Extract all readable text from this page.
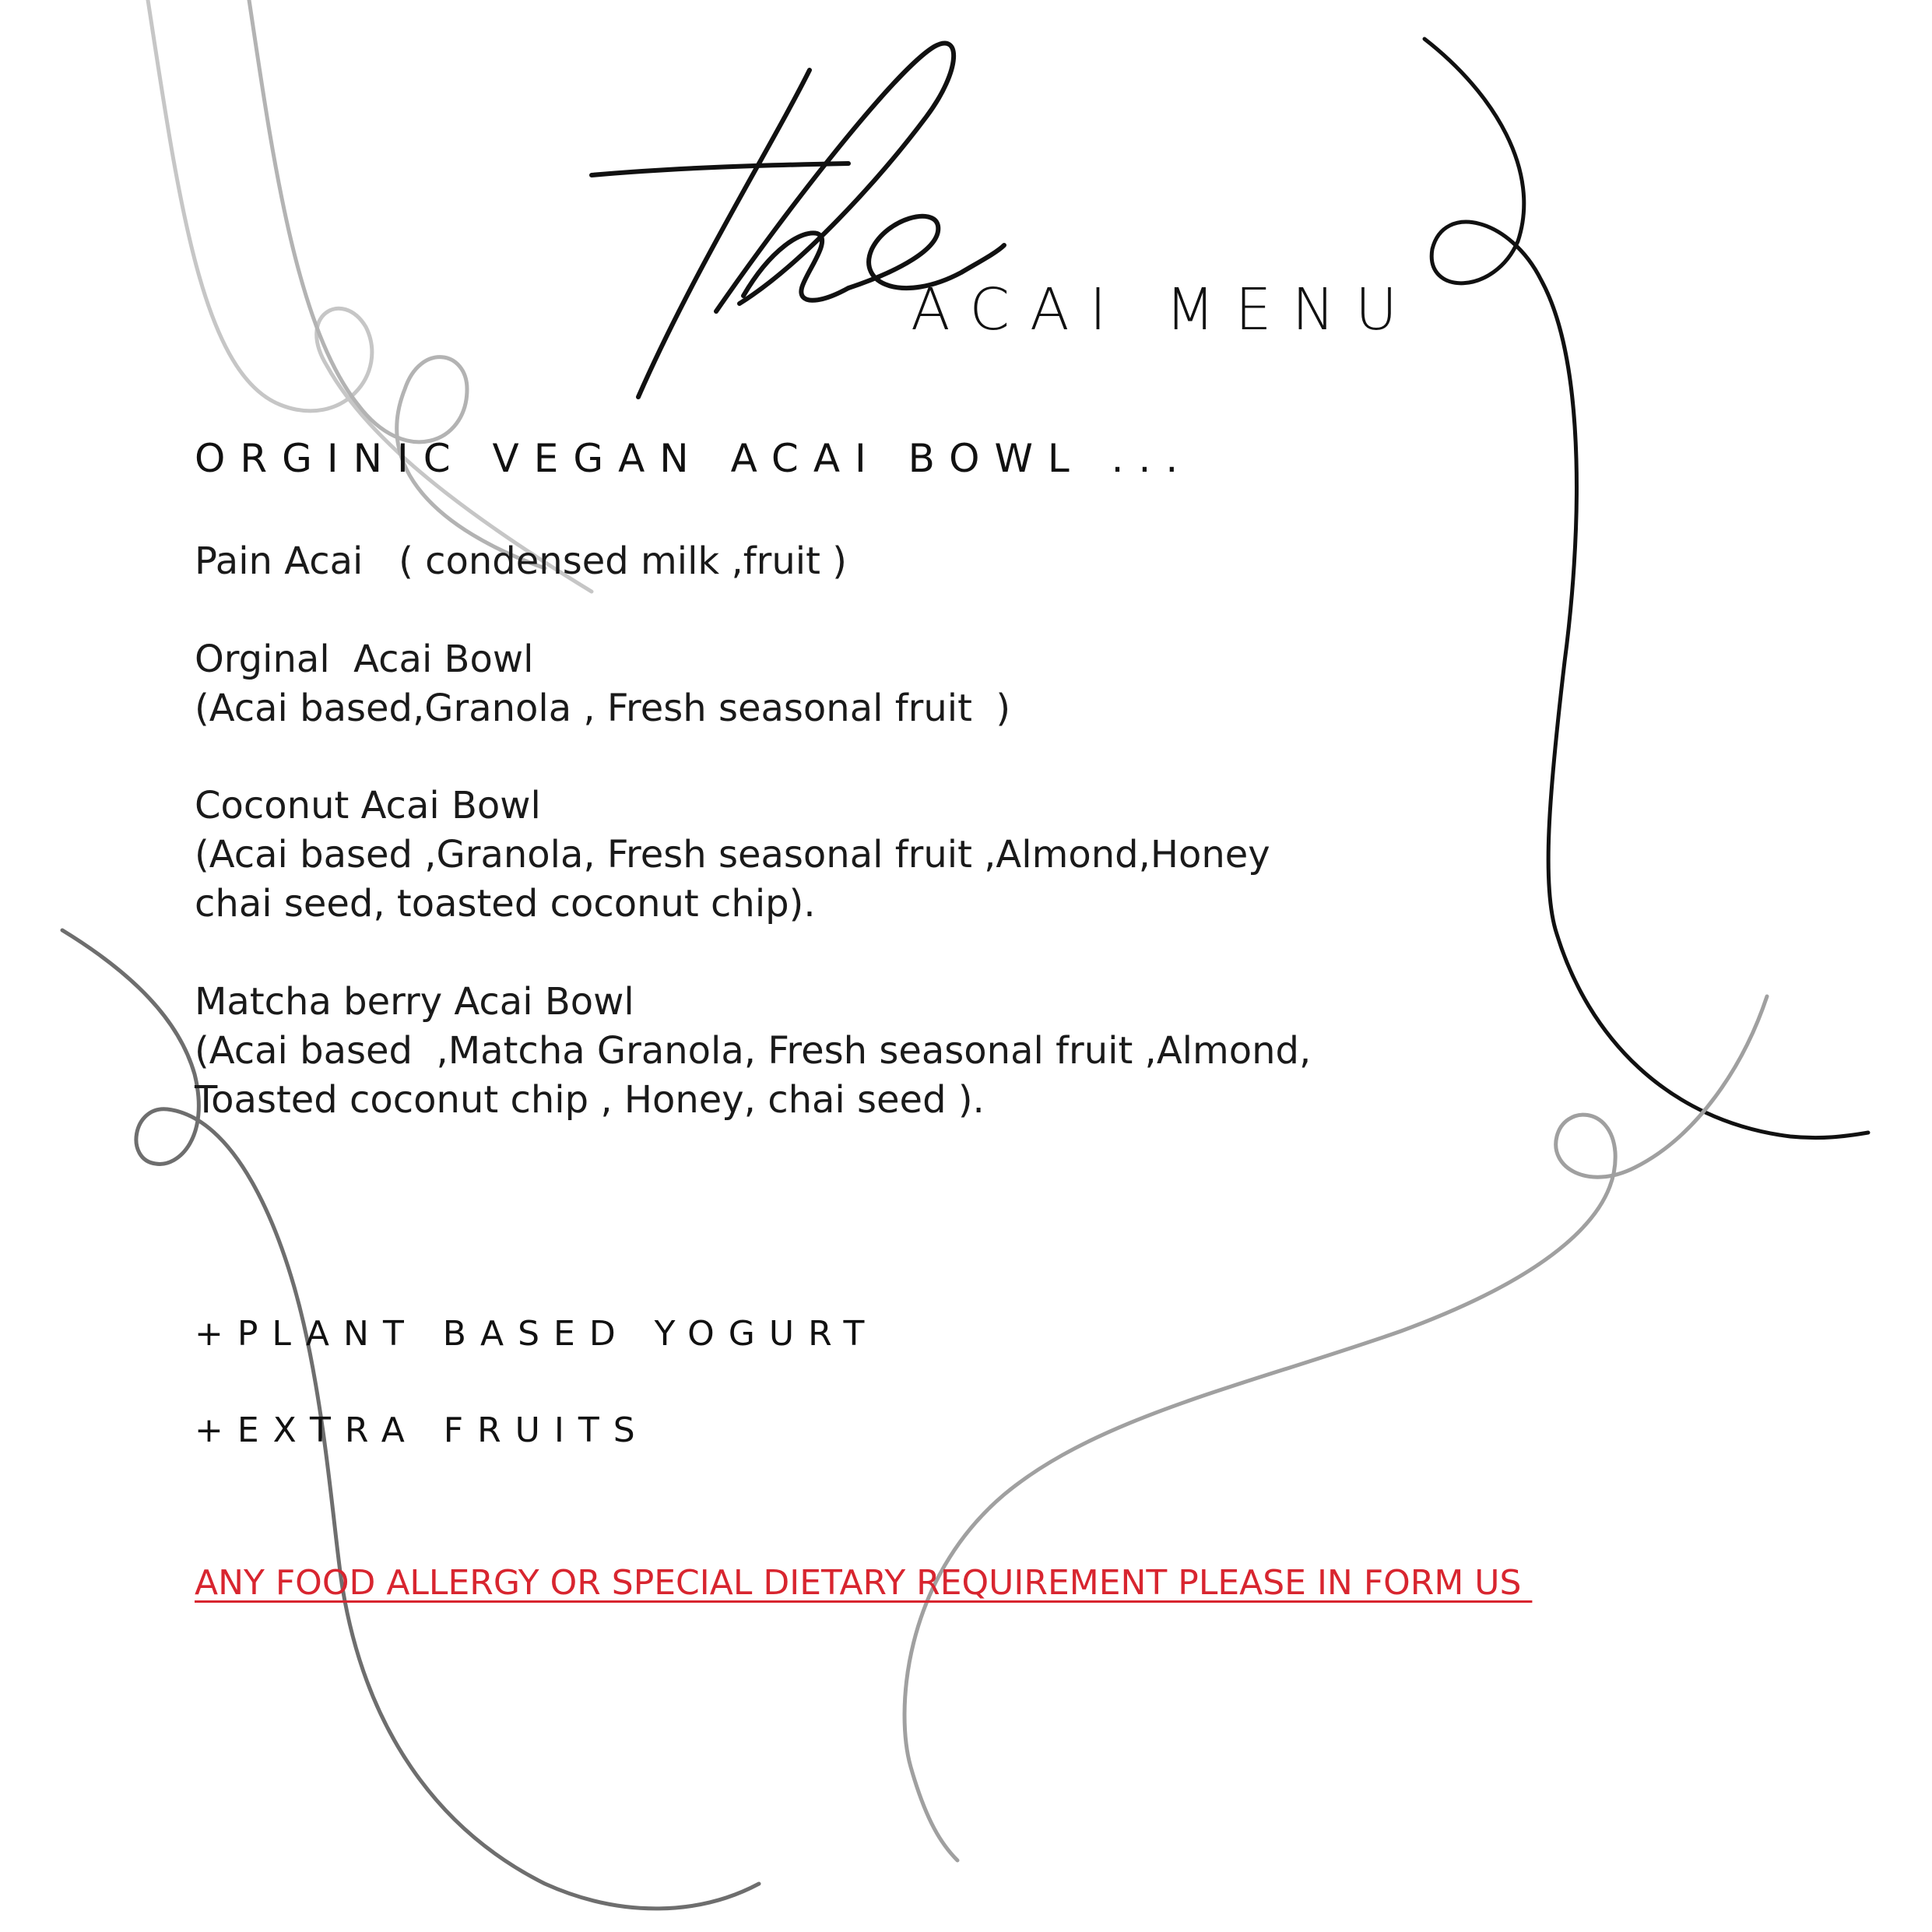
ACAI MENU
ORGINIC VEGAN ACAI BOWL ...
Pain Acai ( condensed milk ,fruit )
Orginal  Acai Bowl
(Acai based,Granola , Fresh seasonal fruit  )
Coconut Acai Bowl
(Acai based ,Granola, Fresh seasonal fruit ,Almond,Honey
chai seed, toasted coconut chip).
Matcha berry Acai Bowl
(Acai based  ,Matcha Granola, Fresh seasonal fruit ,Almond,
Toasted coconut chip , Honey, chai seed ).
+PLANT BASED YOGURT
+EXTRA FRUITS
ANY FOOD ALLERGY OR SPECIAL DIETARY REQUIREMENT PLEASE IN FORM US
